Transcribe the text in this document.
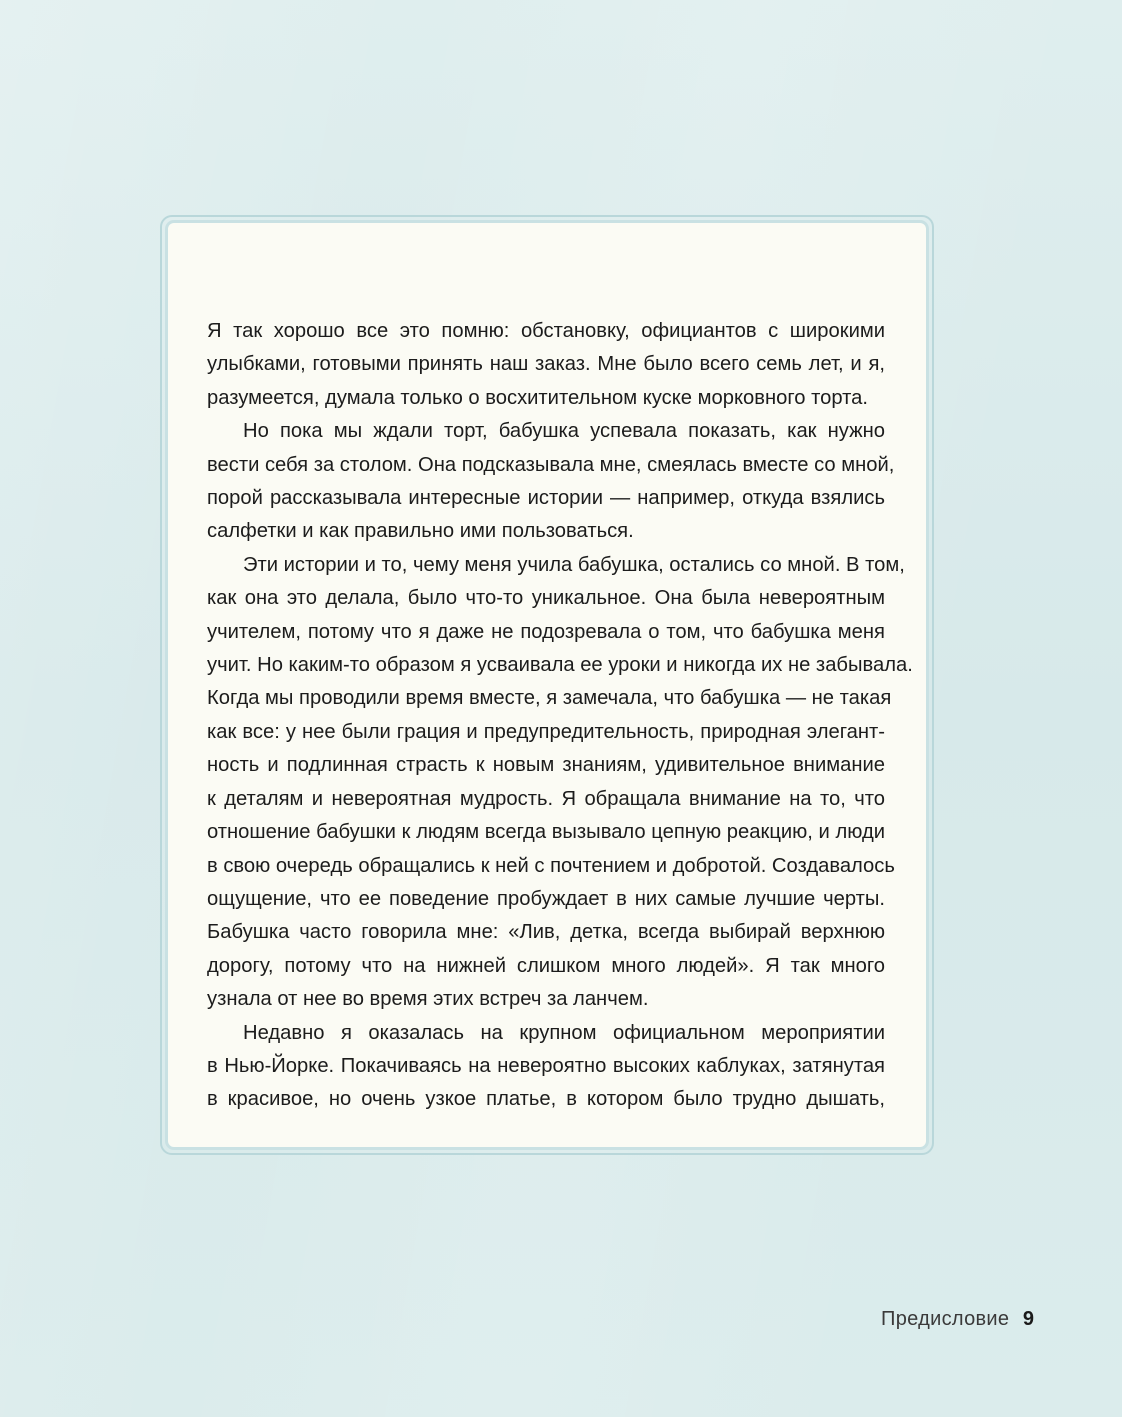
Я так хорошо все это помню: обстановку, официантов с широкими

улыбками, готовыми принять наш заказ. Мне было всего семь лет, и я,

разумеется, думала только о восхитительном куске морковного торта.

Но пока мы ждали торт, бабушка успевала показать, как нужно

вести себя за столом. Она подсказывала мне, смеялась вместе со мной,

порой рассказывала интересные истории — например, откуда взялись

салфетки и как правильно ими пользоваться.

Эти истории и то, чему меня учила бабушка, остались со мной. В том,

как она это делала, было что-то уникальное. Она была невероятным

учителем, потому что я даже не подозревала о том, что бабушка меня

учит. Но каким-то образом я усваивала ее уроки и никогда их не забывала.

Когда мы проводили время вместе, я замечала, что бабушка — не такая

как все: у нее были грация и предупредительность, природная элегант-

ность и подлинная страсть к новым знаниям, удивительное внимание

к деталям и невероятная мудрость. Я обращала внимание на то, что

отношение бабушки к людям всегда вызывало цепную реакцию, и люди

в свою очередь обращались к ней с почтением и добротой. Создавалось

ощущение, что ее поведение пробуждает в них самые лучшие черты.

Бабушка часто говорила мне: «Лив, детка, всегда выбирай верхнюю

дорогу, потому что на нижней слишком много людей». Я так много

узнала от нее во время этих встреч за ланчем.

Недавно я оказалась на крупном официальном мероприятии

в Нью-Йорке. Покачиваясь на невероятно высоких каблуках, затянутая

в красивое, но очень узкое платье, в котором было трудно дышать,

Предисловие 9
